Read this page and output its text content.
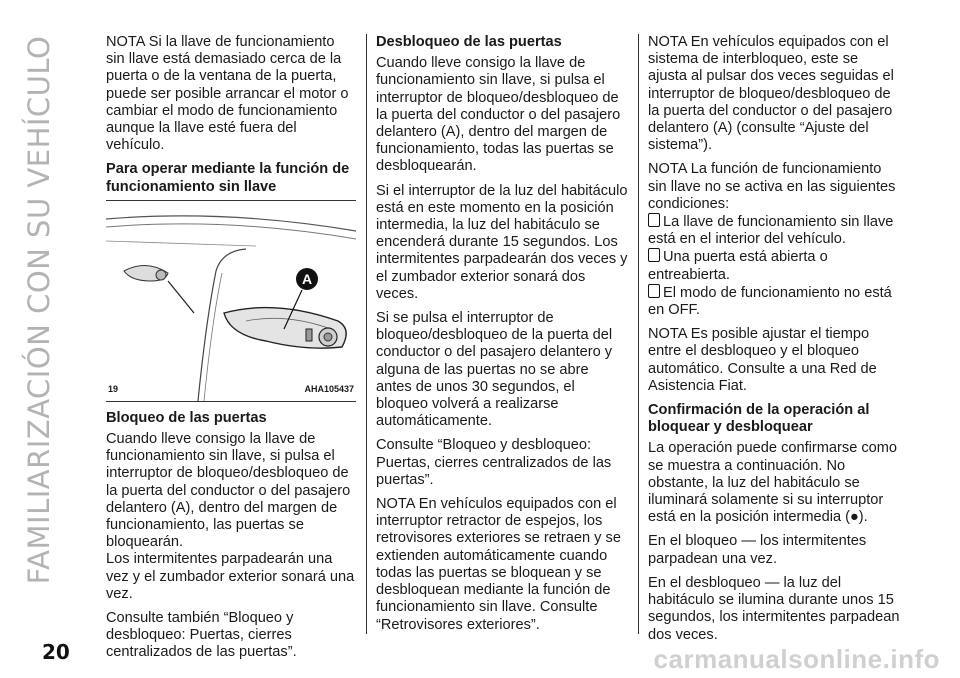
FAMILIARIZACIÓN CON SU VEHÍCULO	NOTA Si la llave de funcionamiento sin llave está demasiado cerca de la puerta o de la ventana de la puerta, puede ser posible arrancar el motor o cambiar el modo de funcionamiento aunque la llave esté fuera del vehículo.

Para operar mediante la función de funcionamiento sin llave
A
19	AHA105437
Bloqueo de las puertas

Cuando lleve consigo la llave de funcionamiento sin llave, si pulsa el interruptor de bloqueo/desbloqueo de la puerta del conductor o del pasajero delantero (A), dentro del margen de funcionamiento, las puertas se bloquearán.

Los intermitentes parpadearán una vez y el zumbador exterior sonará una vez.

Consulte también “Bloqueo y desbloqueo: Puertas, cierres centralizados de las puertas”.

Desbloqueo de las puertas

Cuando lleve consigo la llave de funcionamiento sin llave, si pulsa el interruptor de bloqueo/desbloqueo de la puerta del conductor o del pasajero delantero (A), dentro del margen de funcionamiento, todas las puertas se desbloquearán.

Si el interruptor de la luz del habitáculo está en este momento en la posición intermedia, la luz del habitáculo se encenderá durante 15 segundos. Los intermitentes parpadearán dos veces y el zumbador exterior sonará dos veces.

Si se pulsa el interruptor de bloqueo/desbloqueo de la puerta del conductor o del pasajero delantero y alguna de las puertas no se abre antes de unos 30 segundos, el bloqueo volverá a realizarse automáticamente.

Consulte “Bloqueo y desbloqueo: Puertas, cierres centralizados de las puertas”.

NOTA En vehículos equipados con el interruptor retractor de espejos, los retrovisores exteriores se retraen y se extienden automáticamente cuando todas las puertas se bloquean y se desbloquean mediante la función de funcionamiento sin llave. Consulte “Retrovisores exteriores”.

NOTA En vehículos equipados con el sistema de interbloqueo, este se ajusta al pulsar dos veces seguidas el interruptor de bloqueo/desbloqueo de la puerta del conductor o del pasajero delantero (A) (consulte “Ajuste del sistema”).

NOTA La función de funcionamiento sin llave no se activa en las siguientes condiciones:

La llave de funcionamiento sin llave está en el interior del vehículo.

Una puerta está abierta o entreabierta.

El modo de funcionamiento no está en OFF.

NOTA Es posible ajustar el tiempo entre el desbloqueo y el bloqueo automático. Consulte a una Red de Asistencia Fiat.

Confirmación de la operación al bloquear y desbloquear

La operación puede confirmarse como se muestra a continuación. No obstante, la luz del habitáculo se iluminará solamente si su interruptor está en la posición intermedia (●).

En el bloqueo — los intermitentes parpadean una vez.

En el desbloqueo — la luz del habitáculo se ilumina durante unos 15 segundos, los intermitentes parpadean dos veces.

20	carmanualsonline.info
